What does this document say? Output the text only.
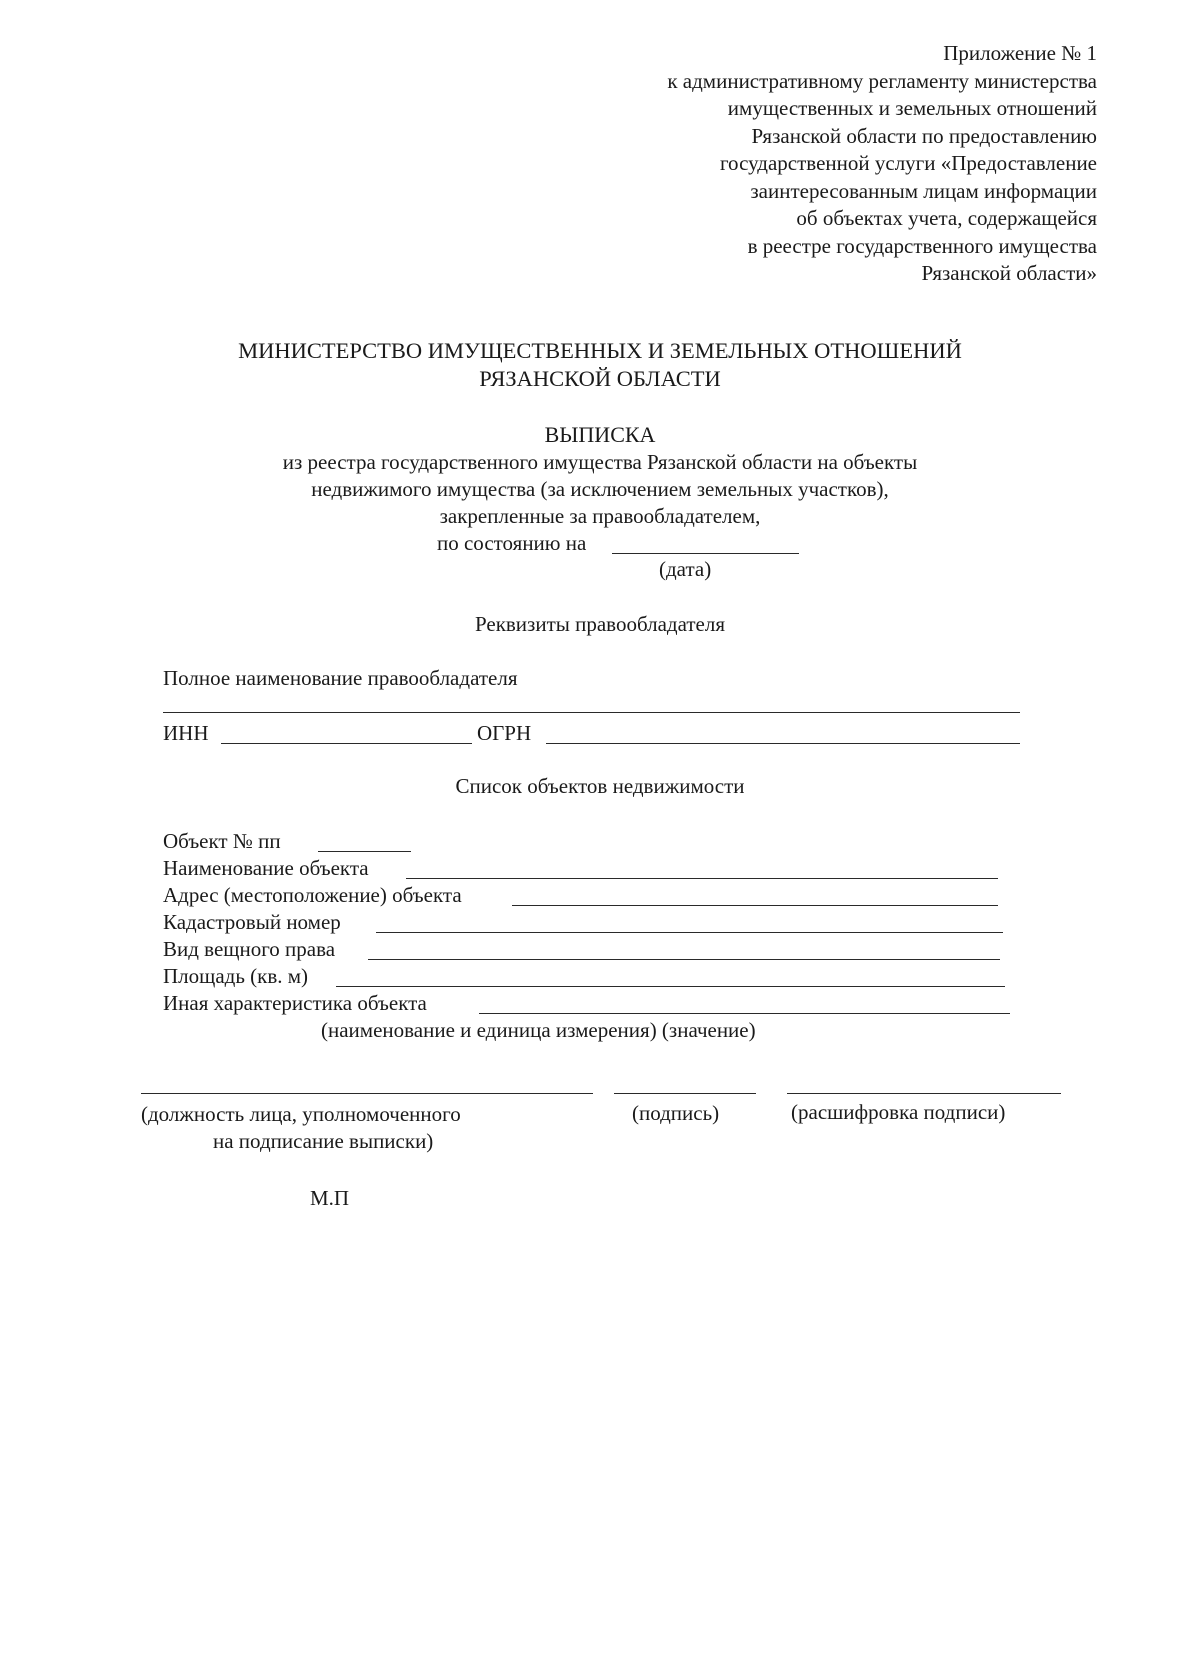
Приложение № 1
к административному регламенту министерства
имущественных и земельных отношений
Рязанской области по предоставлению
государственной услуги «Предоставление
заинтересованным лицам информации
об объектах учета, содержащейся
в реестре государственного имущества
Рязанской области»
МИНИСТЕРСТВО ИМУЩЕСТВЕННЫХ И ЗЕМЕЛЬНЫХ ОТНОШЕНИЙ
РЯЗАНСКОЙ ОБЛАСТИ
ВЫПИСКА
из реестра государственного имущества Рязанской области на объекты
недвижимого имущества (за исключением земельных участков),
закрепленные за правообладателем,
по состоянию на
(дата)
Реквизиты правообладателя
Полное наименование правообладателя
ИНН	ОГРН
Список объектов недвижимости
Объект № пп
Наименование объекта
Адрес (местоположение) объекта
Кадастровый номер
Вид вещного права
Площадь (кв. м)
Иная характеристика объекта
(наименование и единица измерения) (значение)
(должность лица, уполномоченного
на подписание выписки)
(подпись)	(расшифровка подписи)
М.П
